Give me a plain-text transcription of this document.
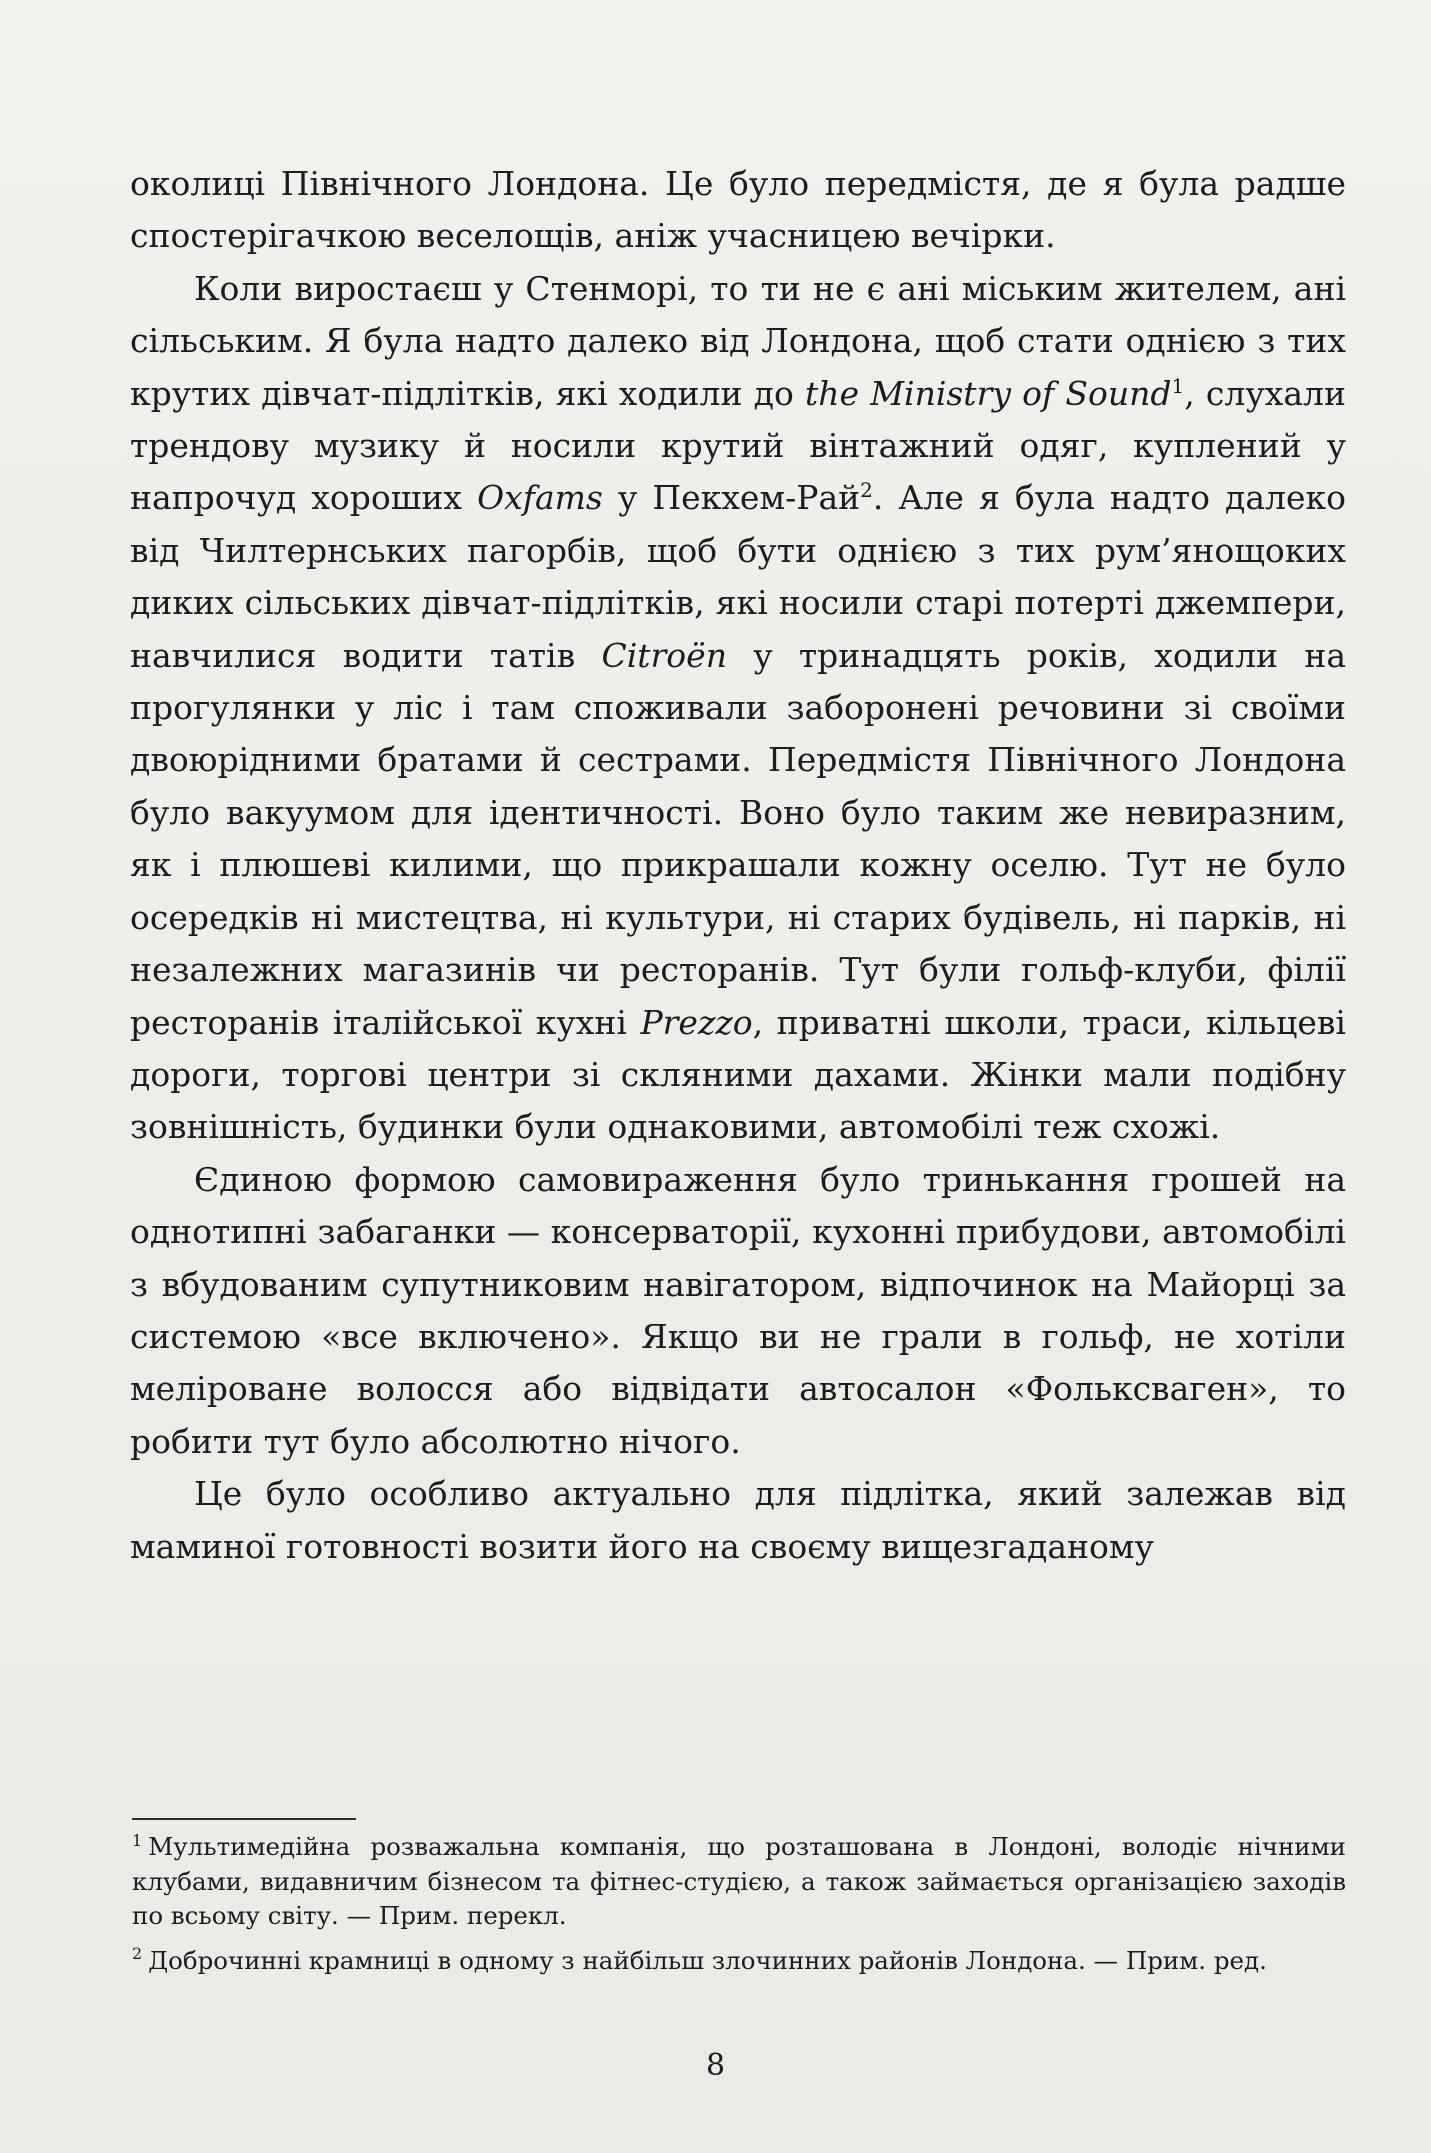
околиці Північного Лондона. Це було передмістя, де я була радше спостерігачкою веселощів, аніж учасницею вечірки.

Коли виростаєш у Стенморі, то ти не є ані міським жителем, ані сільським. Я була надто далеко від Лондона, щоб стати однією з тих крутих дівчат-підлітків, які ходили до the Ministry of Sound$^1$, слухали трендову музику й носили крутий вінтажний одяг, куплений у напрочуд хороших Oxfams у Пекхем-Рай$^2$. Але я була надто далеко від Чилтернських пагорбів, щоб бути однією з тих рум’янощоких диких сільських дівчат-підлітків, які носили старі потерті джемпери, навчилися водити татів Citroën у тринадцять років, ходили на прогулянки у ліс і там споживали заборонені речовини зі своїми двоюрідними братами й сестрами. Передмістя Північного Лондона було вакуумом для ідентичності. Воно було таким же невиразним, як і плюшеві килими, що прикрашали кожну оселю. Тут не було осередків ні мистецтва, ні культури, ні старих будівель, ні парків, ні незалежних магазинів чи ресторанів. Тут були гольф-клуби, філії ресторанів італійської кухні Prezzo, приватні школи, траси, кільцеві дороги, торгові центри зі скляними дахами. Жінки мали подібну зовнішність, будинки були однаковими, автомобілі теж схожі.

Єдиною формою самовираження було тринькання грошей на однотипні забаганки — консерваторії, кухонні прибудови, автомобілі з вбудованим супутниковим навігатором, відпочинок на Майорці за системою «все включено». Якщо ви не грали в гольф, не хотіли меліроване волосся або відвідати автосалон «Фольксваген», то робити тут було абсолютно нічого.

Це було особливо актуально для підлітка, який залежав від маминої готовності возити його на своєму вищезгаданому

$^1$ Мультимедійна розважальна компанія, що розташована в Лондоні, володіє нічними клубами, видавничим бізнесом та фітнес-студією, а також займається організацією заходів по всьому світу. — Прим. перекл.

$^2$ Доброчинні крамниці в одному з найбільш злочинних районів Лондона. — Прим. ред.

8
